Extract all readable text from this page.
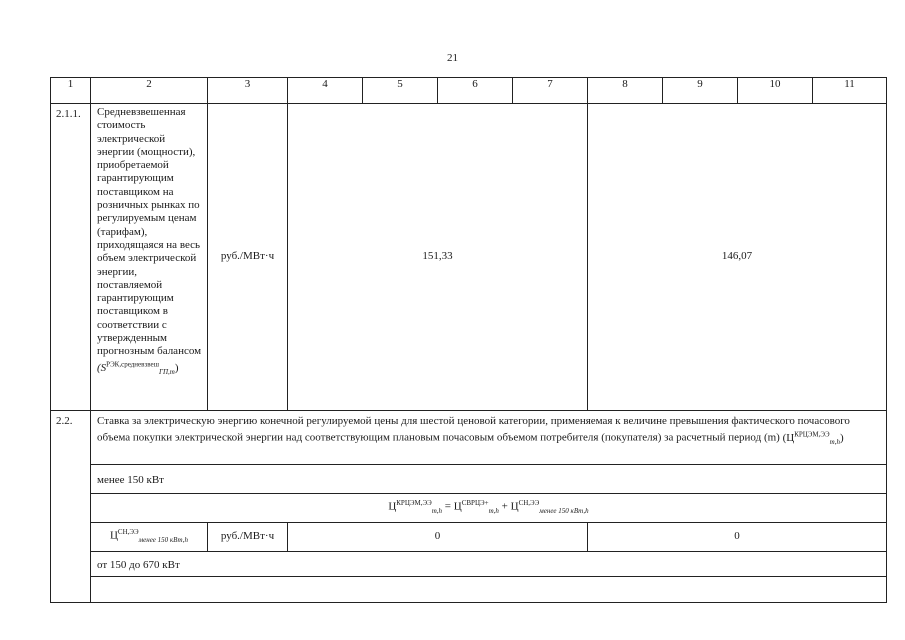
21
1	2	3	4	5	6	7	8	9	10	11
2.1.1.	Средневзвешенная стоимость электрической энергии (мощности), приобретаемой гарантирующим поставщиком на розничных рынках по регулируемым ценам (тарифам), приходящаяся на весь объем электрической энергии, поставляемой гарантирующим поставщиком в соответствии с утвержденным прогнозным балансом $(S^{РЭК,средневзвеш}_{ГП,m})$	руб./МВт·ч	151,33				146,07			
2.2.	Ставка за электрическую энергию конечной регулируемой цены для шестой ценовой категории, применяемая к величине превышения фактического почасового объема покупки электрической энергии над соответствующим плановым почасовым объемом потребителя (покупателя) за расчетный период (m) $(Ц^{КРЦЭМ,ЭЭ}_{m,h})$									
	менее 150 кВт									
	$Ц^{КРЦЭМ,ЭЭ}_{m,h} = Ц^{СВРЦЭ+}_{m,h} + Ц^{СН,ЭЭ}_{менее 150 кВт,h}$
	$Ц^{СН,ЭЭ}_{менее 150 кВт,h}$	руб./МВт·ч	0				0			
	от 150 до 670 кВт									
